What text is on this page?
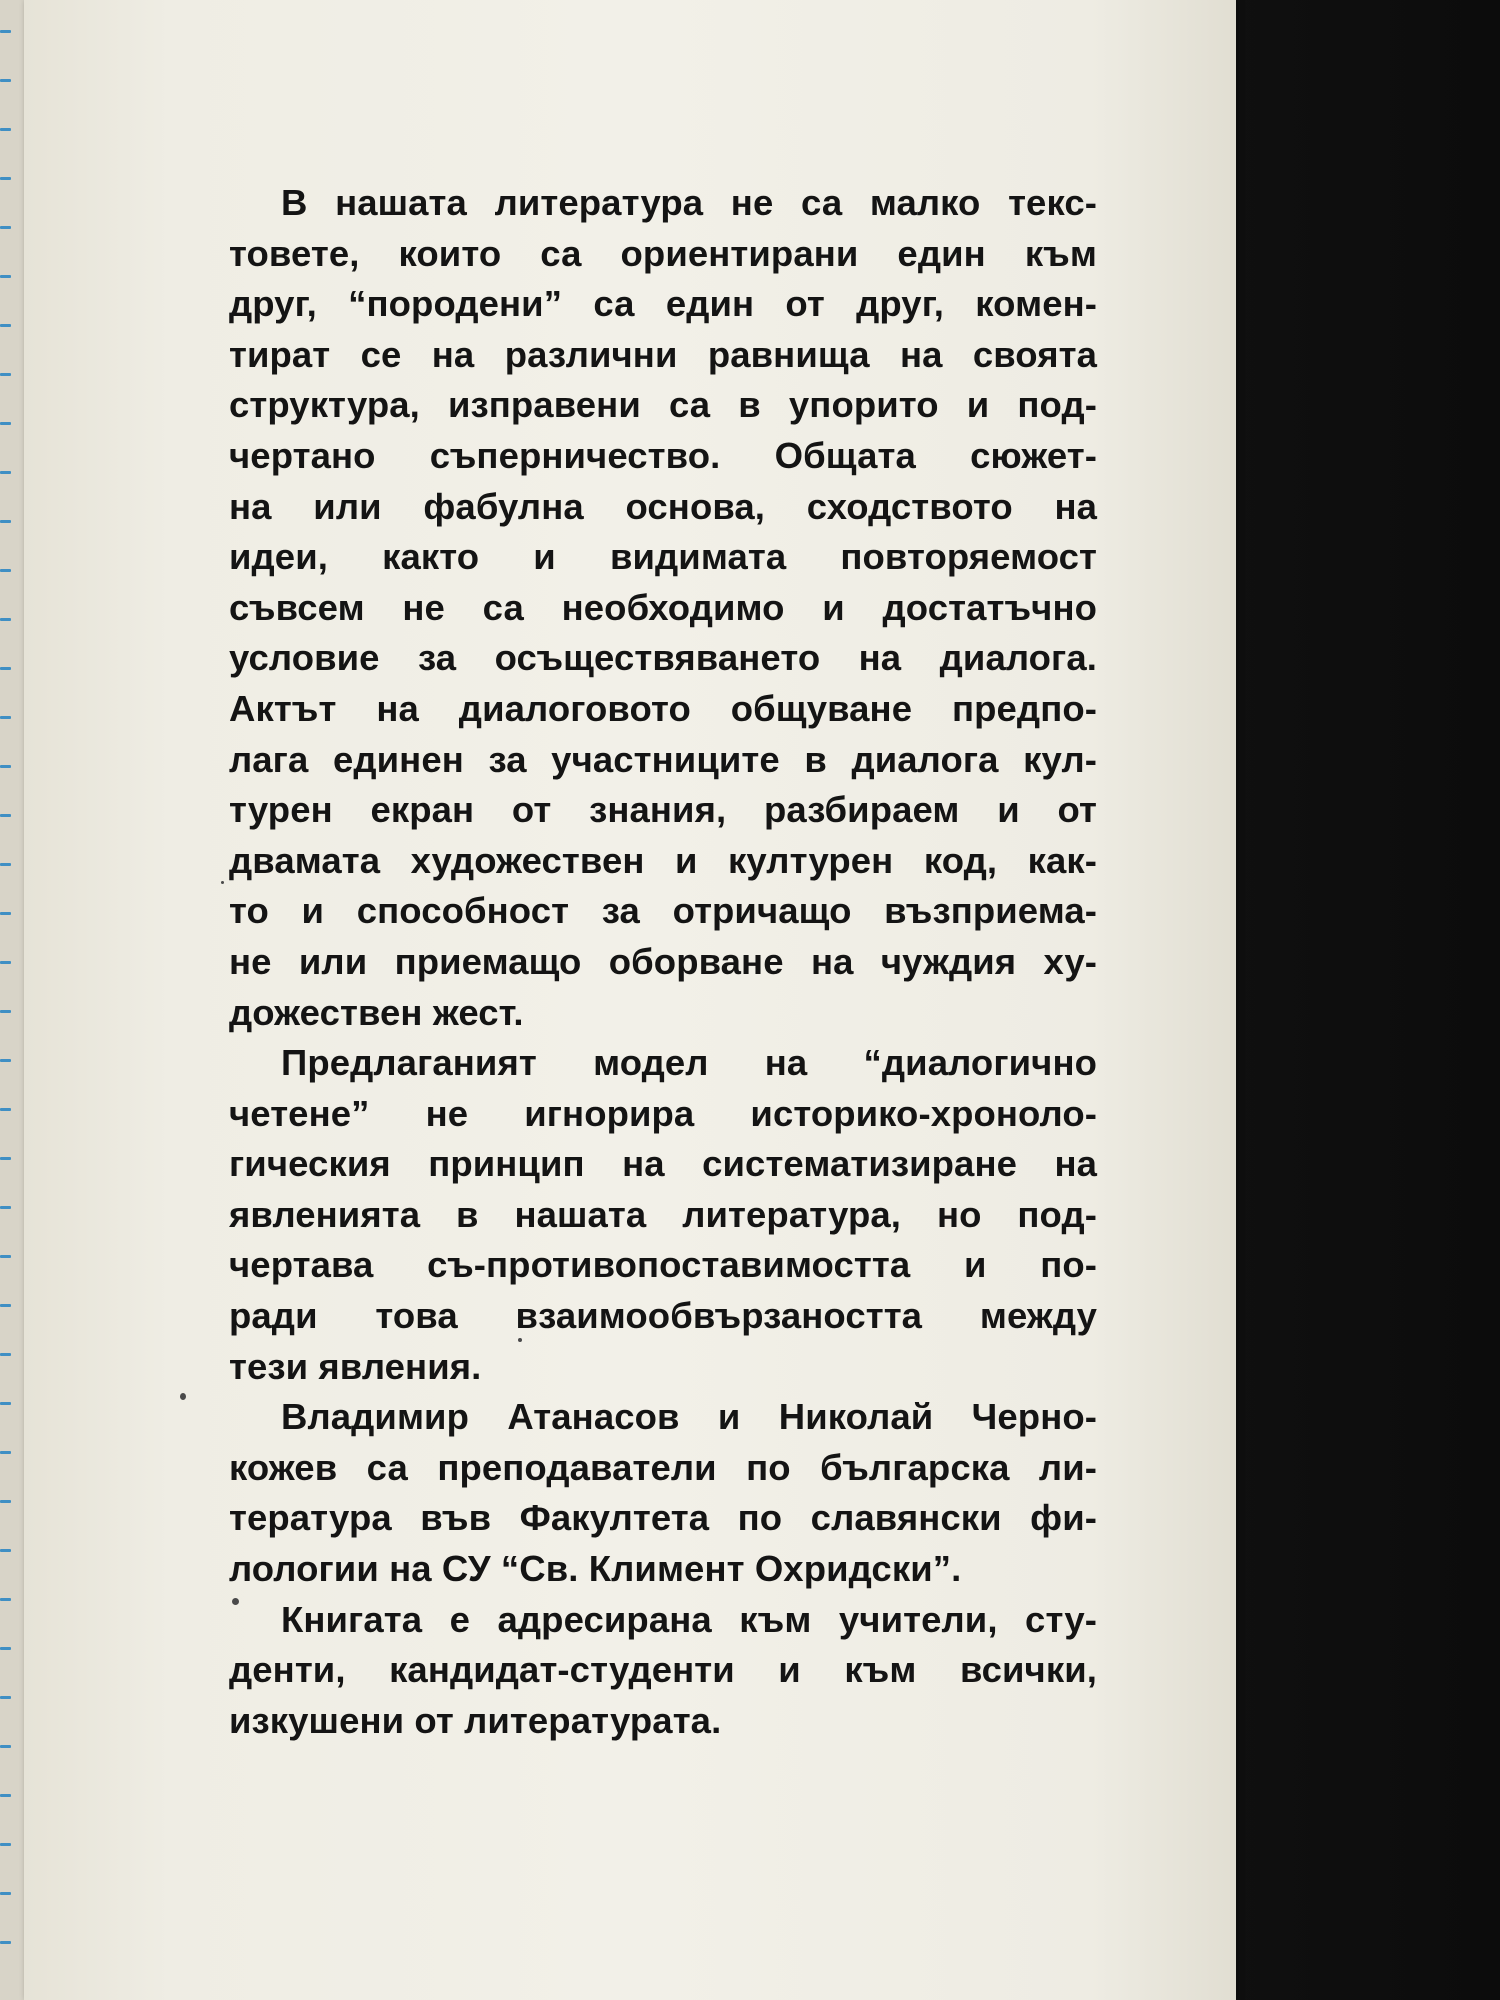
В нашата литература не са малко текс-
товете, които са ориентирани един към
друг, “породени” са един от друг, комен-
тират се на различни равнища на своята
структура, изправени са в упорито и под-
чертано съперничество. Общата сюжет-
на или фабулна основа, сходството на
идеи, както и видимата повторяемост
съвсем не са необходимо и достатъчно
условие за осъществяването на диалога.
Актът на диалоговото общуване предпо-
лага единен за участниците в диалога кул-
турен екран от знания, разбираем и от
двамата художествен и културен код, как-
то и способност за отричащо възприема-
не или приемащо оборване на чуждия ху-
дожествен жест.
Предлаганият модел на “диалогично
четене” не игнорира историко-хроноло-
гическия принцип на систематизиране на
явленията в нашата литература, но под-
чертава съ-противопоставимостта и по-
ради това взаимообвързаността между
тези явления.
Владимир Атанасов и Николай Черно-
кожев са преподаватели по българска ли-
тература във Факултета по славянски фи-
лологии на СУ “Св. Климент Охридски”.
Книгата е адресирана към учители, сту-
денти, кандидат-студенти и към всички,
изкушени от литературата.
